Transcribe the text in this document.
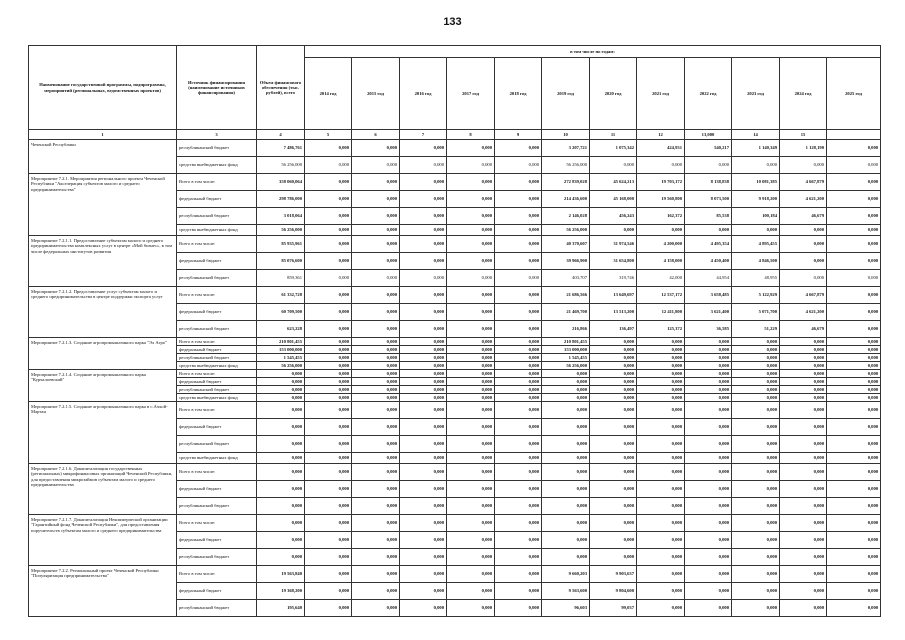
133
Наименование государственной программы, подпрограммы, мероприятий (региональных, ведомственных проектов)	Источник финансирования (наименование источников финансирования)	Объем финансового обеспечения (тыс. рублей), всего	в том числе по годам:											
			2014 год	2015 год	2016 год	2017 год	2018 год	2019 год	2020 год	2021 год	2022 год	2023 год	2024 год	2025 год
1	3	4	5	6	7	8	9	10	11	12	13,000	14	15	
Чеченской Республики	республиканский бюджет	7 486,761	0,000	0,000	0,000	0,000	0,000	3 207,721	1 075,342	424,931	540,217	1 140,349	1 128,190	0,000
	средства внебюджетных фонд	56 256,000	0,000	0,000	0,000	0,000	0,000	56 256,000	0,000	0,000	0,000	0,000	0,000	0,000
Мероприятие 7.2.1. Мероприятия регионального проекта Чеченской Республики "Акселерация субъектов малого и среднего предпринимательства"	Всего в том числе:	358 060,064	0,000	0,000	0,000	0,000	0,000	272 839,028	45 624,213	19 703,172	8 138,838	10 081,385	4 667,879	0,000
	федеральный бюджет	298 786,000	0,000	0,000	0,000	0,000	0,000	214 436,600	45 168,000	19 560,800	8 073,500	9 918,200	4 621,200	0,000
	республиканский бюджет	3 018,064	0,000	0,000	0,000	0,000	0,000	2 146,028	456,243	162,372	85,538	100,184	46,679	0,000
	средства внебюджетных фонд	56 256,000	0,000	0,000	0,000	0,000	0,000	56 256,000	0,000	0,000	0,000	0,000	0,000	0,000
Мероприятие 7.2.1.1. Предоставление субъектам малого и среднего предпринимательства комплексных услуг в центре «Мой бизнес», в том числе федеральных институтов развития	Всего в том числе:	85 935,961	0,000	0,000	0,000	0,000	0,000	40 370,607	31 974,546	4 200,000	4 495,354	4 895,455	0,000	0,000
	федеральный бюджет	85 076,600	0,000	0,000	0,000	0,000	0,000	39 966,900	31 654,800	4 158,000	4 450,400	4 846,500	0,000	0,000
	республиканский бюджет	859,361	0,000	0,000	0,000	0,000	0,000	403,707	319,746	42,000	44,954	48,955	0,000	0,000
Мероприятие 7.2.1.2. Предоставление услуг субъектам малого и среднего предпринимательства в центре поддержки экспорта услуг	Всего в том числе:	61 332,728	0,000	0,000	0,000	0,000	0,000	21 686,566	13 649,697	12 537,172	3 658,485	5 122,929	4 667,879	0,000
	федеральный бюджет	60 709,500	0,000	0,000	0,000	0,000	0,000	21 469,700	13 513,200	12 411,800	3 621,400	5 071,700	4 621,200	0,000
	республиканский бюджет	623,228	0,000	0,000	0,000	0,000	0,000	216,866	136,497	125,372	36,585	51,229	46,679	0,000
Мероприятие 7.2.1.3. Создание агропромышленного парка "Эл Агро"	Всего в том числе:	210 801,455	0,000	0,000	0,000	0,000	0,000	210 801,455	0,000	0,000	0,000	0,000	0,000	0,000
	федеральный бюджет	153 000,000	0,000	0,000	0,000	0,000	0,000	153 000,000	0,000	0,000	0,000	0,000	0,000	0,000
	республиканский бюджет	1 545,455	0,000	0,000	0,000	0,000	0,000	1 545,455	0,000	0,000	0,000	0,000	0,000	0,000
	средства внебюджетных фонд	56 256,000	0,000	0,000	0,000	0,000	0,000	56 256,000	0,000	0,000	0,000	0,000	0,000	0,000
Мероприятие 7.2.1.4. Создание агропромышленного парка "Курчалоевский"	Всего в том числе:	0,000	0,000	0,000	0,000	0,000	0,000	0,000	0,000	0,000	0,000	0,000	0,000	0,000
	федеральный бюджет	0,000	0,000	0,000	0,000	0,000	0,000	0,000	0,000	0,000	0,000	0,000	0,000	0,000
	республиканский бюджет	0,000	0,000	0,000	0,000	0,000	0,000	0,000	0,000	0,000	0,000	0,000	0,000	0,000
	средства внебюджетных фонд	0,000	0,000	0,000	0,000	0,000	0,000	0,000	0,000	0,000	0,000	0,000	0,000	0,000
Мероприятие 7.2.1.5. Создание агропромышленного парка в с.Ачхой-Мартан	Всего в том числе:	0,000	0,000	0,000	0,000	0,000	0,000	0,000	0,000	0,000	0,000	0,000	0,000	0,000
	федеральный бюджет	0,000	0,000	0,000	0,000	0,000	0,000	0,000	0,000	0,000	0,000	0,000	0,000	0,000
	республиканский бюджет	0,000	0,000	0,000	0,000	0,000	0,000	0,000	0,000	0,000	0,000	0,000	0,000	0,000
	средства внебюджетных фонд	0,000	0,000	0,000	0,000	0,000	0,000	0,000	0,000	0,000	0,000	0,000	0,000	0,000
Мероприятие 7.2.1.6. Докапитализация государственных (региональных) микрофинансовых организаций Чеченской Республики, для предоставления микрозаймов субъектам малого и среднего предпринимательства	Всего в том числе:	0,000	0,000	0,000	0,000	0,000	0,000	0,000	0,000	0,000	0,000	0,000	0,000	0,000
	федеральный бюджет	0,000	0,000	0,000	0,000	0,000	0,000	0,000	0,000	0,000	0,000	0,000	0,000	0,000
	республиканский бюджет	0,000	0,000	0,000	0,000	0,000	0,000	0,000	0,000	0,000	0,000	0,000	0,000	0,000
Мероприятие 7.2.1.7. Докапитализация Некоммерческой организации "Гарантийный фонд Чеченской Республики", для предоставления поручительств субъектам малого и среднего предпринимательства	Всего в том числе:	0,000	0,000	0,000	0,000	0,000	0,000	0,000	0,000	0,000	0,000	0,000	0,000	0,000
	федеральный бюджет	0,000	0,000	0,000	0,000	0,000	0,000	0,000	0,000	0,000	0,000	0,000	0,000	0,000
	республиканский бюджет	0,000	0,000	0,000	0,000	0,000	0,000	0,000	0,000	0,000	0,000	0,000	0,000	0,000
Мероприятие 7.2.2. Региональный проект Чеченской Республики "Популяризация предпринимательства"	Всего в том числе:	19 563,840	0,000	0,000	0,000	0,000	0,000	9 660,203	9 903,637	0,000	0,000	0,000	0,000	0,000
	федеральный бюджет	19 368,200	0,000	0,000	0,000	0,000	0,000	9 563,600	9 804,600	0,000	0,000	0,000	0,000	0,000
	республиканский бюджет	195,640	0,000	0,000	0,000	0,000	0,000	96,603	99,037	0,000	0,000	0,000	0,000	0,000
